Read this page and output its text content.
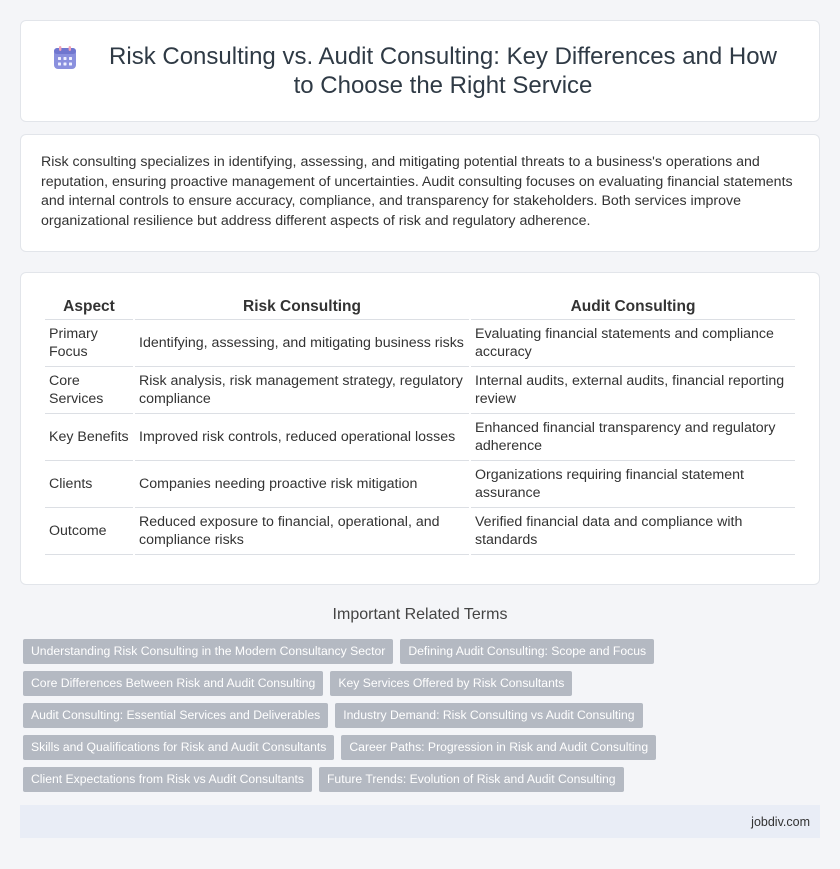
Risk Consulting vs. Audit Consulting: Key Differences and How to Choose the Right Service
Risk consulting specializes in identifying, assessing, and mitigating potential threats to a business's operations and reputation, ensuring proactive management of uncertainties. Audit consulting focuses on evaluating financial statements and internal controls to ensure accuracy, compliance, and transparency for stakeholders. Both services improve organizational resilience but address different aspects of risk and regulatory adherence.
Aspect	Risk Consulting	Audit Consulting
Primary Focus	Identifying, assessing, and mitigating business risks	Evaluating financial statements and compliance accuracy
Core Services	Risk analysis, risk management strategy, regulatory compliance	Internal audits, external audits, financial reporting review
Key Benefits	Improved risk controls, reduced operational losses	Enhanced financial transparency and regulatory adherence
Clients	Companies needing proactive risk mitigation	Organizations requiring financial statement assurance
Outcome	Reduced exposure to financial, operational, and compliance risks	Verified financial data and compliance with standards
Important Related Terms
Understanding Risk Consulting in the Modern Consultancy Sector	Defining Audit Consulting: Scope and Focus
Core Differences Between Risk and Audit Consulting	Key Services Offered by Risk Consultants
Audit Consulting: Essential Services and Deliverables	Industry Demand: Risk Consulting vs Audit Consulting
Skills and Qualifications for Risk and Audit Consultants	Career Paths: Progression in Risk and Audit Consulting
Client Expectations from Risk vs Audit Consultants	Future Trends: Evolution of Risk and Audit Consulting
jobdiv.com
